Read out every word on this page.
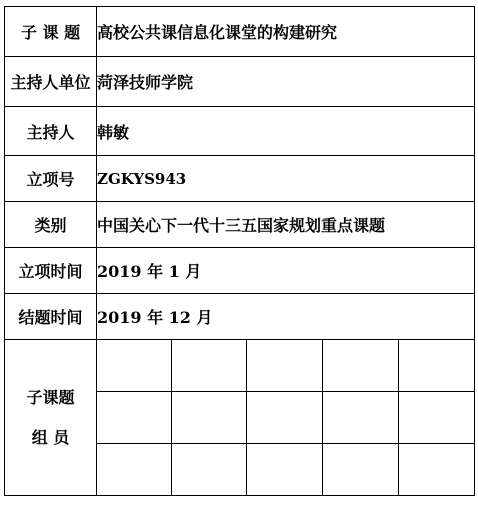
子 课 题	高校公共课信息化课堂的构建研究				
主持人单位	菏泽技师学院				
主持人	韩敏				
立项号	ZGKYS943				
类别	中国关心下一代十三五国家规划重点课题				
立项时间	2019 年 1 月				
结题时间	2019 年 12 月				

子课题
组 员					
